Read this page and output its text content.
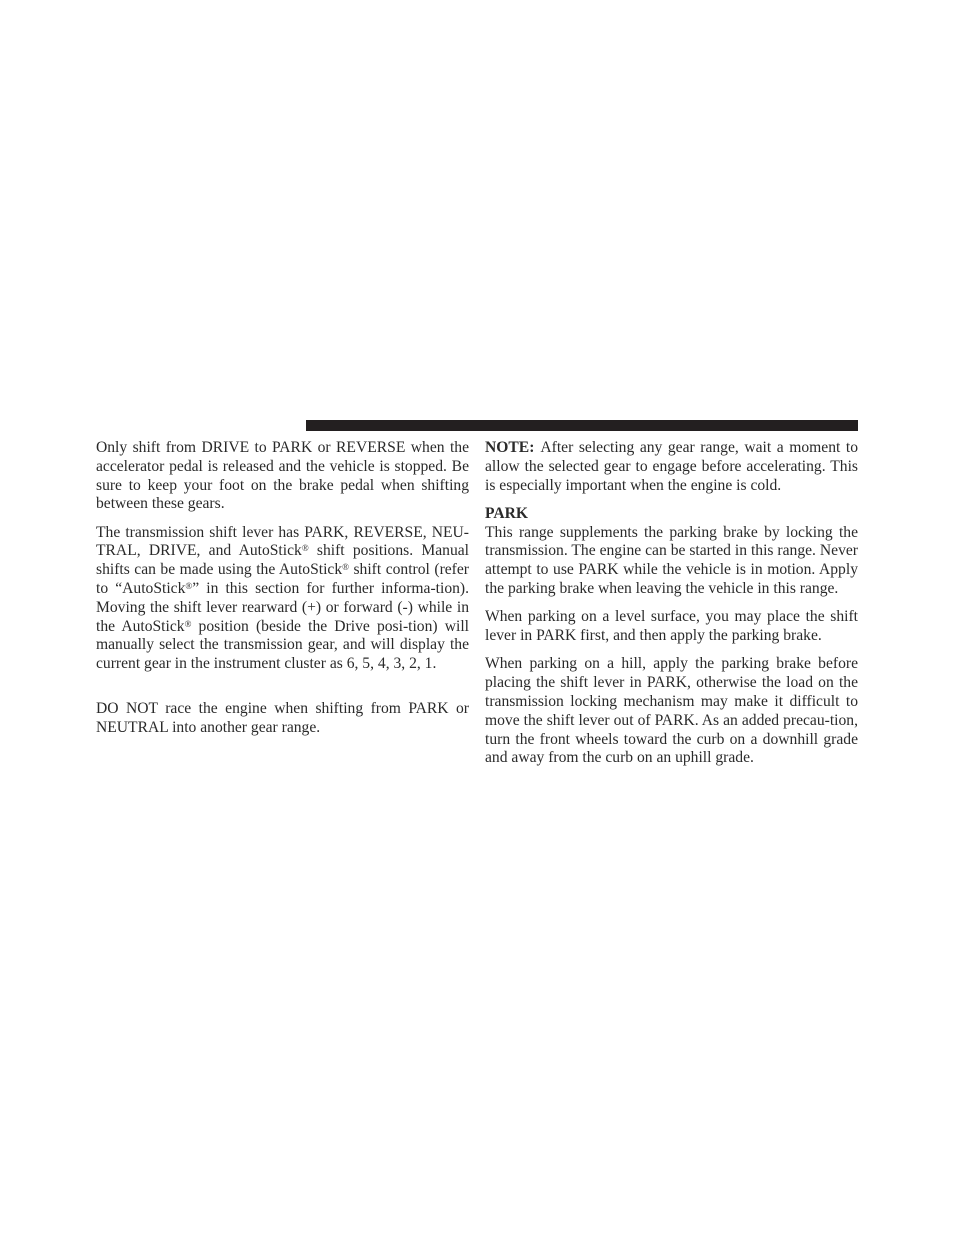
Only shift from DRIVE to PARK or REVERSE when the accelerator pedal is released and the vehicle is stopped. Be sure to keep your foot on the brake pedal when shifting between these gears.

The transmission shift lever has PARK, REVERSE, NEU-TRAL, DRIVE, and AutoStick® shift positions. Manual shifts can be made using the AutoStick® shift control (refer to “AutoStick®” in this section for further informa-tion). Moving the shift lever rearward (+) or forward (-) while in the AutoStick® position (beside the Drive posi-tion) will manually select the transmission gear, and will display the current gear in the instrument cluster as 6, 5, 4, 3, 2, 1.

DO NOT race the engine when shifting from PARK or NEUTRAL into another gear range.

NOTE: After selecting any gear range, wait a moment to allow the selected gear to engage before accelerating. This is especially important when the engine is cold.

PARK

This range supplements the parking brake by locking the transmission. The engine can be started in this range. Never attempt to use PARK while the vehicle is in motion. Apply the parking brake when leaving the vehicle in this range.

When parking on a level surface, you may place the shift lever in PARK first, and then apply the parking brake.

When parking on a hill, apply the parking brake before placing the shift lever in PARK, otherwise the load on the transmission locking mechanism may make it difficult to move the shift lever out of PARK. As an added precau-tion, turn the front wheels toward the curb on a downhill grade and away from the curb on an uphill grade.
